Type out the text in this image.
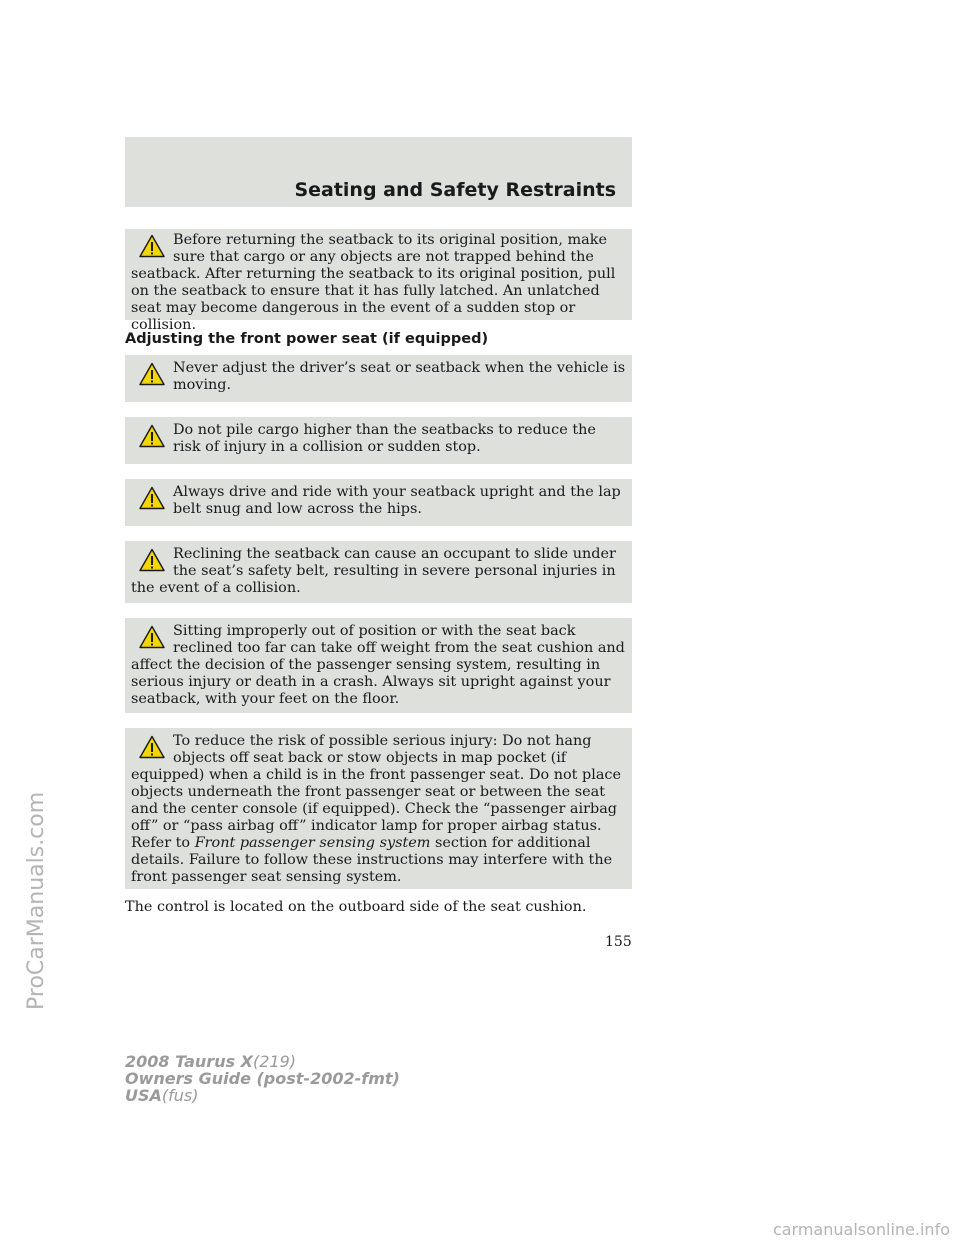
Seating and Safety Restraints

Before returning the seatback to its original position, make sure that cargo or any objects are not trapped behind the seatback. After returning the seatback to its original position, pull on the seatback to ensure that it has fully latched. An unlatched seat may become dangerous in the event of a sudden stop or collision.

Adjusting the front power seat (if equipped)

Never adjust the driver’s seat or seatback when the vehicle is moving.

Do not pile cargo higher than the seatbacks to reduce the risk of injury in a collision or sudden stop.

Always drive and ride with your seatback upright and the lap belt snug and low across the hips.

Reclining the seatback can cause an occupant to slide under the seat’s safety belt, resulting in severe personal injuries in the event of a collision.

Sitting improperly out of position or with the seat back reclined too far can take off weight from the seat cushion and affect the decision of the passenger sensing system, resulting in serious injury or death in a crash. Always sit upright against your seatback, with your feet on the floor.

To reduce the risk of possible serious injury: Do not hang objects off seat back or stow objects in map pocket (if equipped) when a child is in the front passenger seat. Do not place objects underneath the front passenger seat or between the seat and the center console (if equipped). Check the “passenger airbag off” or “pass airbag off” indicator lamp for proper airbag status. Refer to Front passenger sensing system section for additional details. Failure to follow these instructions may interfere with the front passenger seat sensing system.

The control is located on the outboard side of the seat cushion.
155
2008 Taurus X(219)
Owners Guide (post-2002-fmt)
USA(fus)
ProCarManuals.com
carmanualsonline.info
